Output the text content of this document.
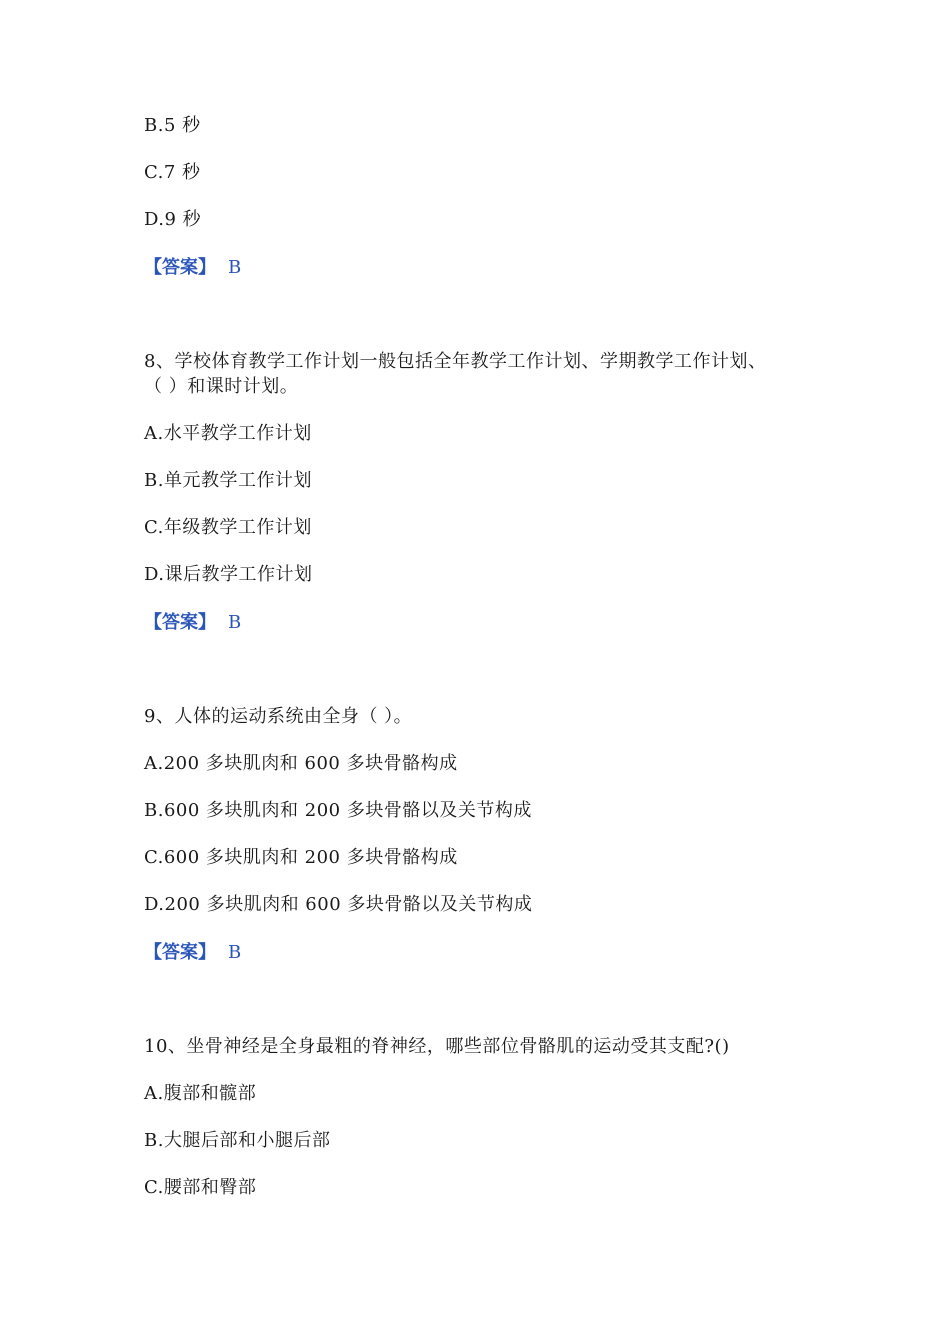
B.5 秒
C.7 秒
D.9 秒
【答案】 B
8、学校体育教学工作计划一般包括全年教学工作计划、学期教学工作计划、
（ ）和课时计划。
A.水平教学工作计划
B.单元教学工作计划
C.年级教学工作计划
D.课后教学工作计划
【答案】 B
9、人体的运动系统由全身（ ）。
A.200 多块肌肉和 600 多块骨骼构成
B.600 多块肌肉和 200 多块骨骼以及关节构成
C.600 多块肌肉和 200 多块骨骼构成
D.200 多块肌肉和 600 多块骨骼以及关节构成
【答案】 B
10、坐骨神经是全身最粗的脊神经，哪些部位骨骼肌的运动受其支配?()
A.腹部和髋部
B.大腿后部和小腿后部
C.腰部和臀部
